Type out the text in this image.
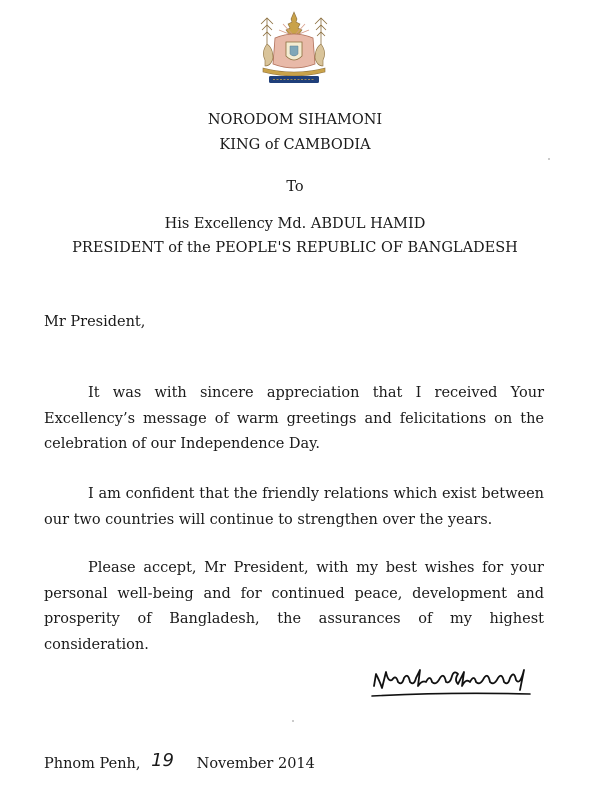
NORODOM SIHAMONI
KING of CAMBODIA
To
His Excellency Md. ABDUL HAMID
PRESIDENT of the PEOPLE'S REPUBLIC OF BANGLADESH
Mr President,

It was with sincere appreciation that I received Your Excellency’s message of warm greetings and felicitations on the celebration of our Independence Day.

I am confident that the friendly relations which exist between our two countries will continue to strengthen over the years.

Please accept, Mr President, with my best wishes for your personal well-being and for continued peace, development and prosperity of Bangladesh, the assurances of my highest consideration.

Phnom Penh, 19 November 2014
